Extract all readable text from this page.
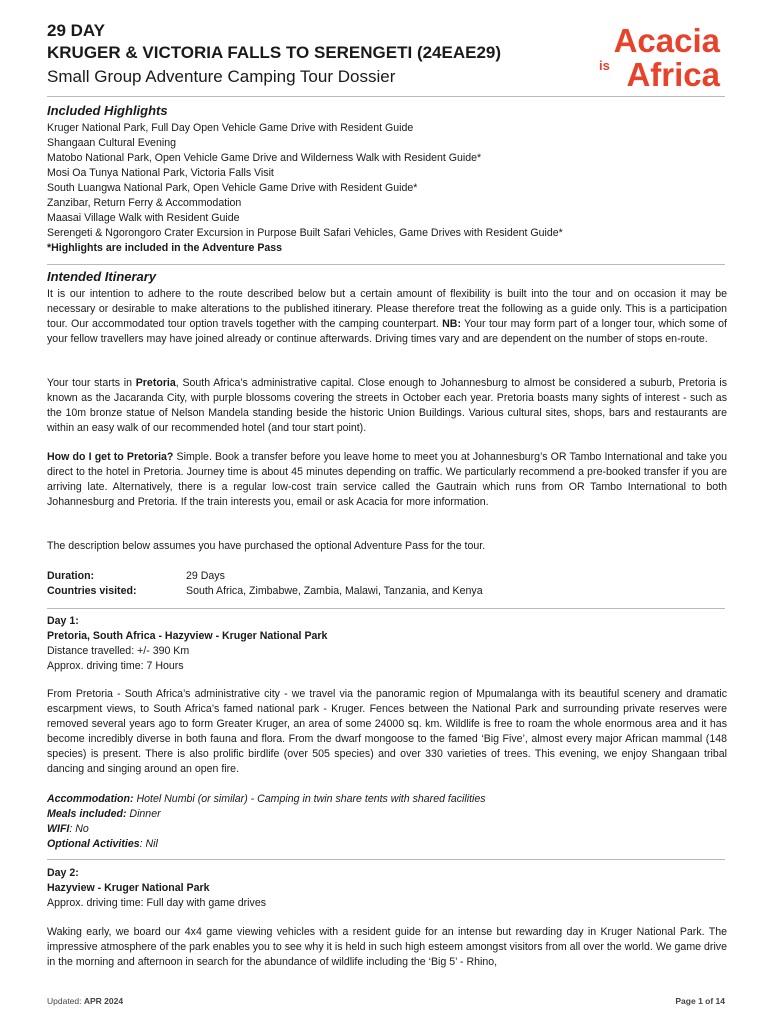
29 DAY
KRUGER & VICTORIA FALLS TO SERENGETI (24EAE29)
Small Group Adventure Camping Tour Dossier
Acacia
is Africa
Included Highlights
Kruger National Park, Full Day Open Vehicle Game Drive with Resident Guide
Shangaan Cultural Evening
Matobo National Park, Open Vehicle Game Drive and Wilderness Walk with Resident Guide*
Mosi Oa Tunya National Park, Victoria Falls Visit
South Luangwa National Park, Open Vehicle Game Drive with Resident Guide*
Zanzibar, Return Ferry & Accommodation
Maasai Village Walk with Resident Guide
Serengeti & Ngorongoro Crater Excursion in Purpose Built Safari Vehicles, Game Drives with Resident Guide*
*Highlights are included in the Adventure Pass
Intended Itinerary
It is our intention to adhere to the route described below but a certain amount of flexibility is built into the tour and on occasion it may be necessary or desirable to make alterations to the published itinerary. Please therefore treat the following as a guide only. This is a participation tour. Our accommodated tour option travels together with the camping counterpart. NB: Your tour may form part of a longer tour, which some of your fellow travellers may have joined already or continue afterwards. Driving times vary and are dependent on the number of stops en-route.
Your tour starts in Pretoria, South Africa’s administrative capital. Close enough to Johannesburg to almost be considered a suburb, Pretoria is known as the Jacaranda City, with purple blossoms covering the streets in October each year. Pretoria boasts many sights of interest - such as the 10m bronze statue of Nelson Mandela standing beside the historic Union Buildings. Various cultural sites, shops, bars and restaurants are within an easy walk of our recommended hotel (and tour start point).
How do I get to Pretoria? Simple. Book a transfer before you leave home to meet you at Johannesburg’s OR Tambo International and take you direct to the hotel in Pretoria. Journey time is about 45 minutes depending on traffic. We particularly recommend a pre-booked transfer if you are arriving late. Alternatively, there is a regular low-cost train service called the Gautrain which runs from OR Tambo International to both Johannesburg and Pretoria. If the train interests you, email or ask Acacia for more information.
The description below assumes you have purchased the optional Adventure Pass for the tour.
Duration:	29 Days
Countries visited:	South Africa, Zimbabwe, Zambia, Malawi, Tanzania, and Kenya
Day 1:
Pretoria, South Africa - Hazyview - Kruger National Park
Distance travelled: +/- 390 Km
Approx. driving time: 7 Hours
From Pretoria - South Africa’s administrative city - we travel via the panoramic region of Mpumalanga with its beautiful scenery and dramatic escarpment views, to South Africa’s famed national park - Kruger. Fences between the National Park and surrounding private reserves were removed several years ago to form Greater Kruger, an area of some 24000 sq. km. Wildlife is free to roam the whole enormous area and it has become incredibly diverse in both fauna and flora. From the dwarf mongoose to the famed ‘Big Five’, almost every major African mammal (148 species) is present. There is also prolific birdlife (over 505 species) and over 330 varieties of trees. This evening, we enjoy Shangaan tribal dancing and singing around an open fire.
Accommodation: Hotel Numbi (or similar) - Camping in twin share tents with shared facilities
Meals included: Dinner
WIFI: No
Optional Activities: Nil
Day 2:
Hazyview - Kruger National Park
Approx. driving time: Full day with game drives
Waking early, we board our 4x4 game viewing vehicles with a resident guide for an intense but rewarding day in Kruger National Park. The impressive atmosphere of the park enables you to see why it is held in such high esteem amongst visitors from all over the world. We game drive in the morning and afternoon in search for the abundance of wildlife including the ‘Big 5’ - Rhino,
Updated: APR 2024	Page 1 of 14
